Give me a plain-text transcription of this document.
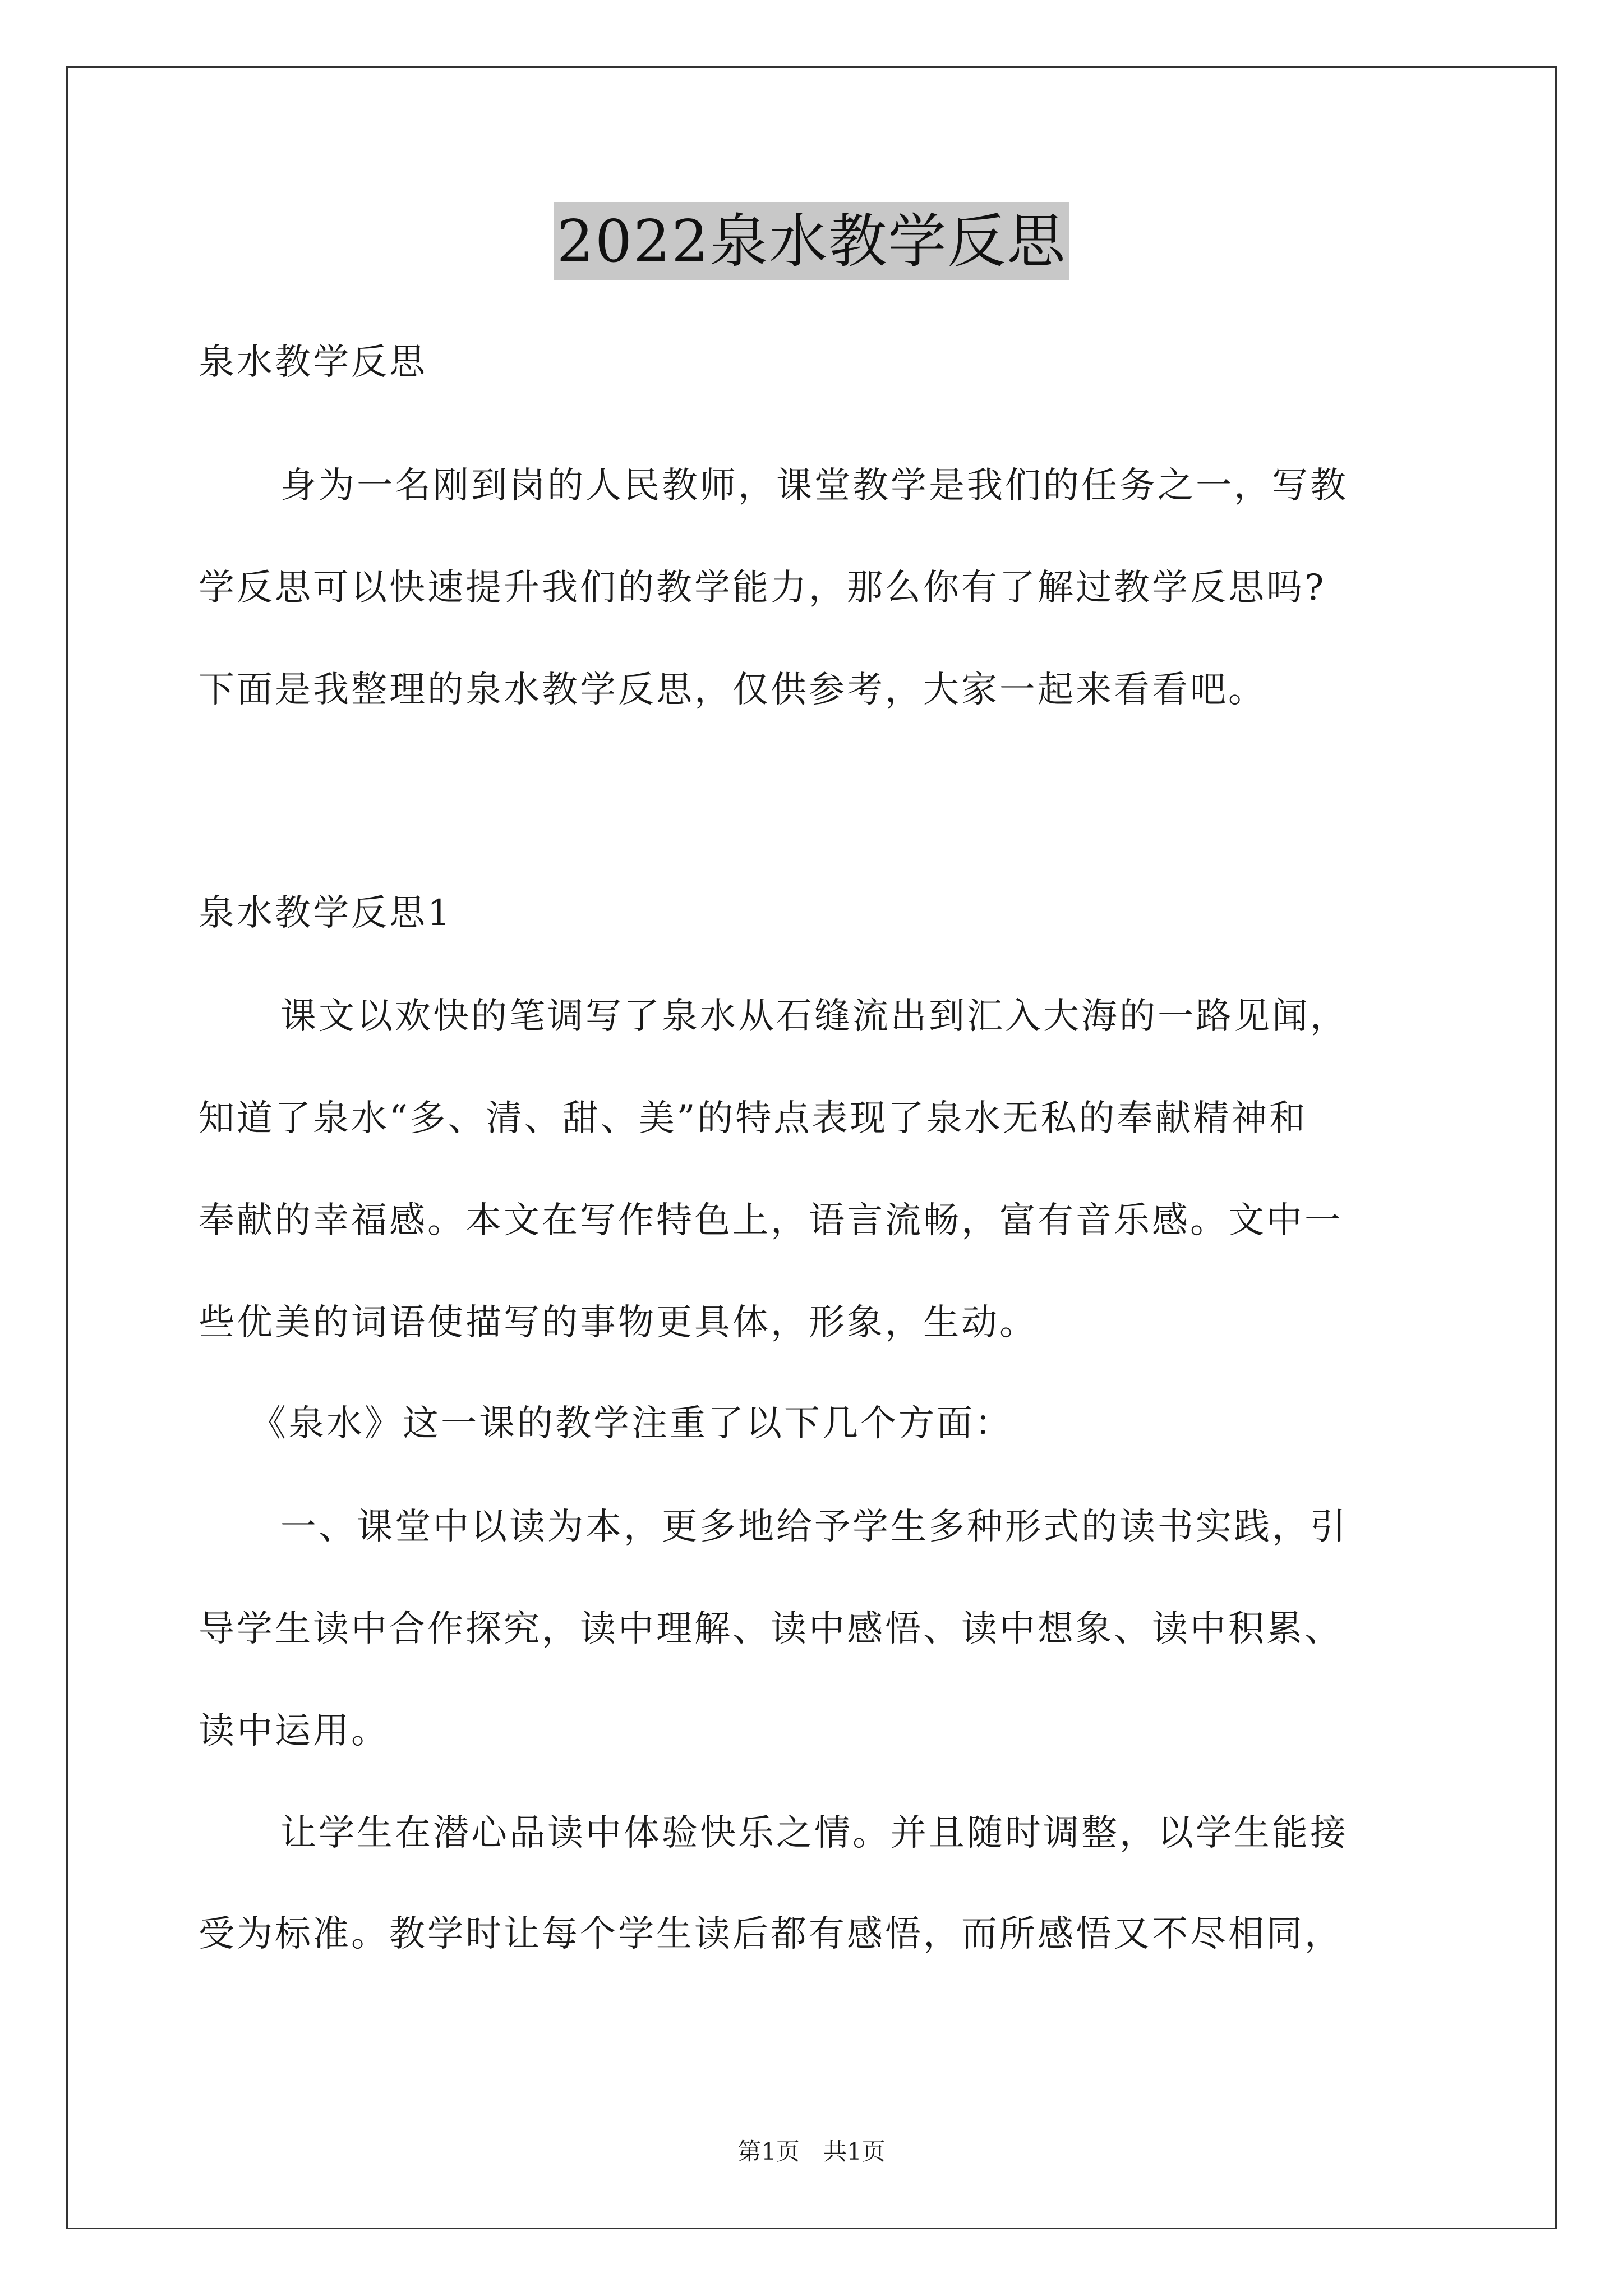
2022泉水教学反思
泉水教学反思
身为一名刚到岗的人民教师，课堂教学是我们的任务之一，写教
学反思可以快速提升我们的教学能力，那么你有了解过教学反思吗?
下面是我整理的泉水教学反思，仅供参考，大家一起来看看吧。
泉水教学反思1
课文以欢快的笔调写了泉水从石缝流出到汇入大海的一路见闻，
知道了泉水“多、清、甜、美”的特点表现了泉水无私的奉献精神和
奉献的幸福感。本文在写作特色上，语言流畅，富有音乐感。文中一
些优美的词语使描写的事物更具体，形象，生动。
《泉水》这一课的教学注重了以下几个方面：
一、课堂中以读为本，更多地给予学生多种形式的读书实践，引
导学生读中合作探究，读中理解、读中感悟、读中想象、读中积累、
读中运用。
让学生在潜心品读中体验快乐之情。并且随时调整，以学生能接
受为标准。教学时让每个学生读后都有感悟，而所感悟又不尽相同，
第1页　共1页
